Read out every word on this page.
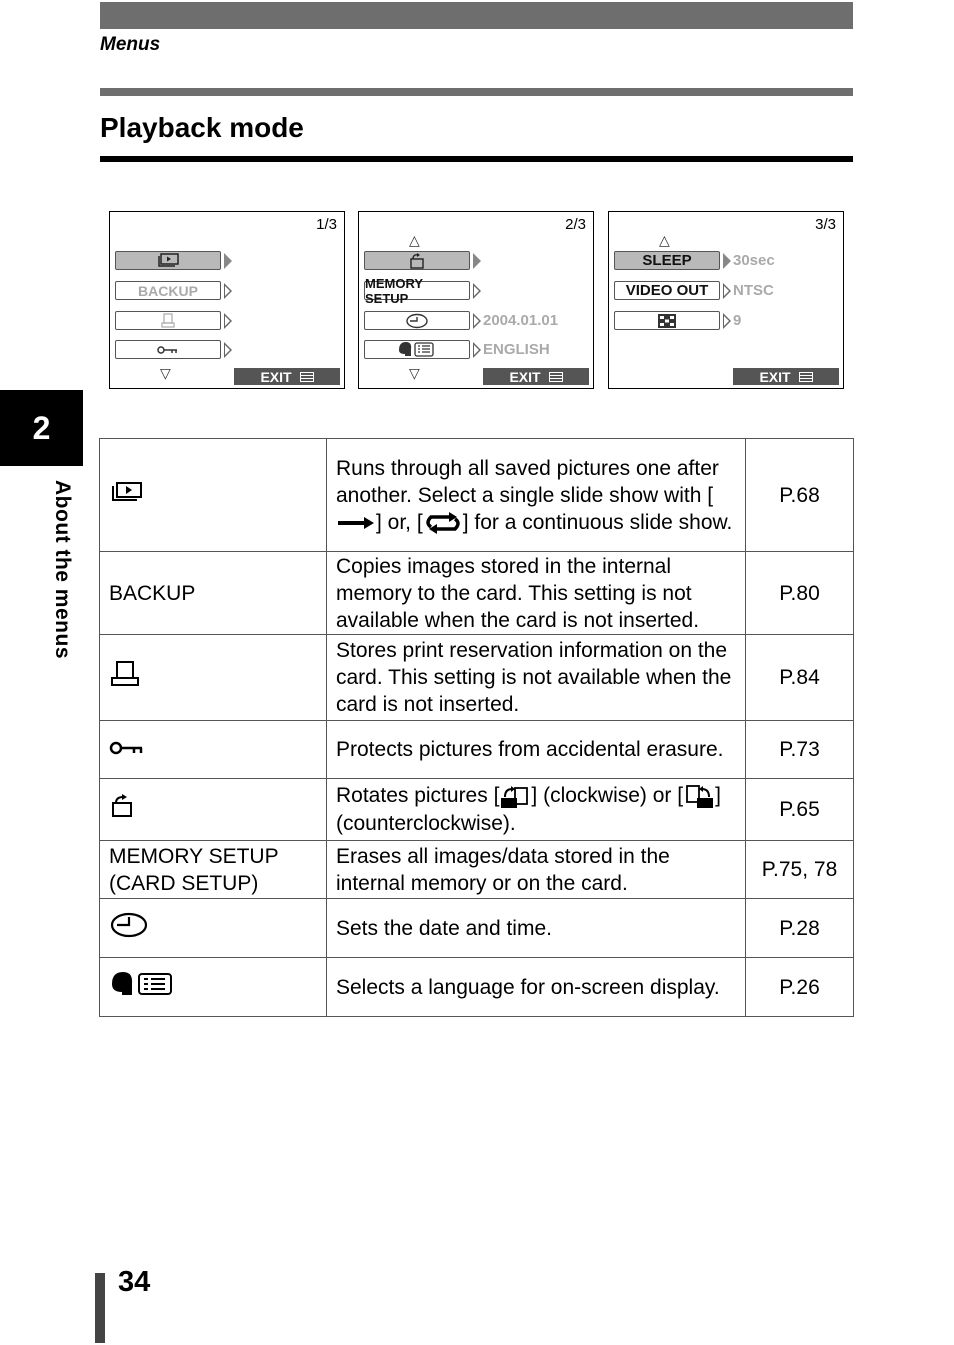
Menus
Playback mode
1/3
BACKUP
▽	EXIT
2/3
△
MEMORY SETUP
2004.01.01
ENGLISH
▽	EXIT
3/3
△
SLEEP	30sec
VIDEO OUT NTSC
9
EXIT
2
About the menus
	Runs through all saved pictures one after another. Select a single slide show with [] or, [ ] for a continuous slide show.	P.68
BACKUP	Copies images stored in the internal memory to the card. This setting is not available when the card is not inserted.	P.80
	Stores print reservation information on the card. This setting is not available when the card is not inserted.	P.84
	Protects pictures from accidental erasure.	P.73
	Rotates pictures [ ] (clockwise) or [ ] (counterclockwise).	P.65
MEMORY SETUP (CARD SETUP)	Erases all images/data stored in the internal memory or on the card.	P.75, 78
	Sets the date and time.	P.28
	Selects a language for on-screen display.	P.26
34
